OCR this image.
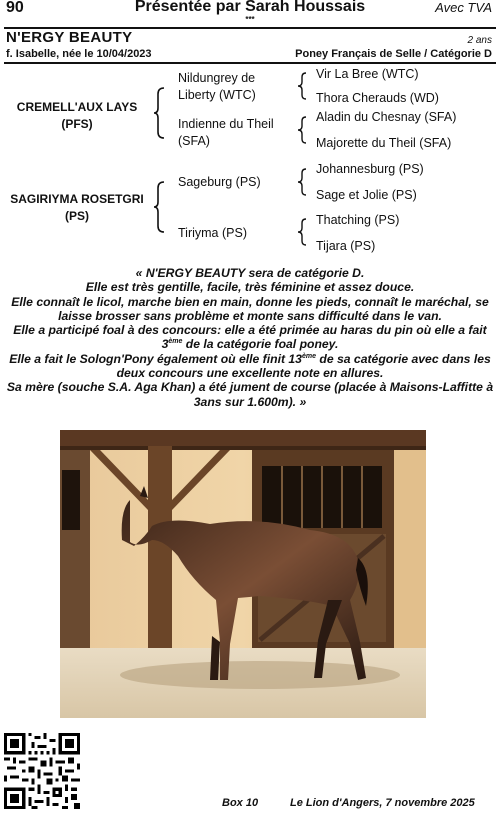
90	Présentée par Sarah Houssais
***
Avec TVA
N'ERGY BEAUTY	2 ans
f. Isabelle, née le 10/04/2023	Poney Français de Selle / Catégorie D
CREMELL'AUX LAYS
(PFS)
Nildungrey de
Liberty (WTC)
Indienne du Theil
(SFA)
Vir La Bree (WTC)
Thora Cherauds (WD)
Aladin du Chesnay (SFA)
Majorette du Theil (SFA)
SAGIRIYMA ROSETGRI
(PS)
Sageburg (PS)
Tiriyma (PS)
Johannesburg (PS)
Sage et Jolie (PS)
Thatching (PS)
Tijara (PS)

« N'ERGY BEAUTY sera de catégorie D.

Elle est très gentille, facile, très féminine et assez douce.

Elle connaît le licol, marche bien en main, donne les pieds, connaît le maréchal, se

laisse brosser sans problème et monte sans difficulté dans le van.

Elle a participé foal à des concours: elle a été primée au haras du pin où elle a fait

3ème de la catégorie foal poney.

Elle a fait le Sologn'Pony également où elle finit 13ème de sa catégorie avec dans les

deux concours une excellente note en allures.

Sa mère (souche S.A. Aga Khan) a été jument de course (placée à Maisons-Laffitte à

3ans sur 1.600m). »

Box 10	Le Lion d'Angers, 7 novembre 2025
